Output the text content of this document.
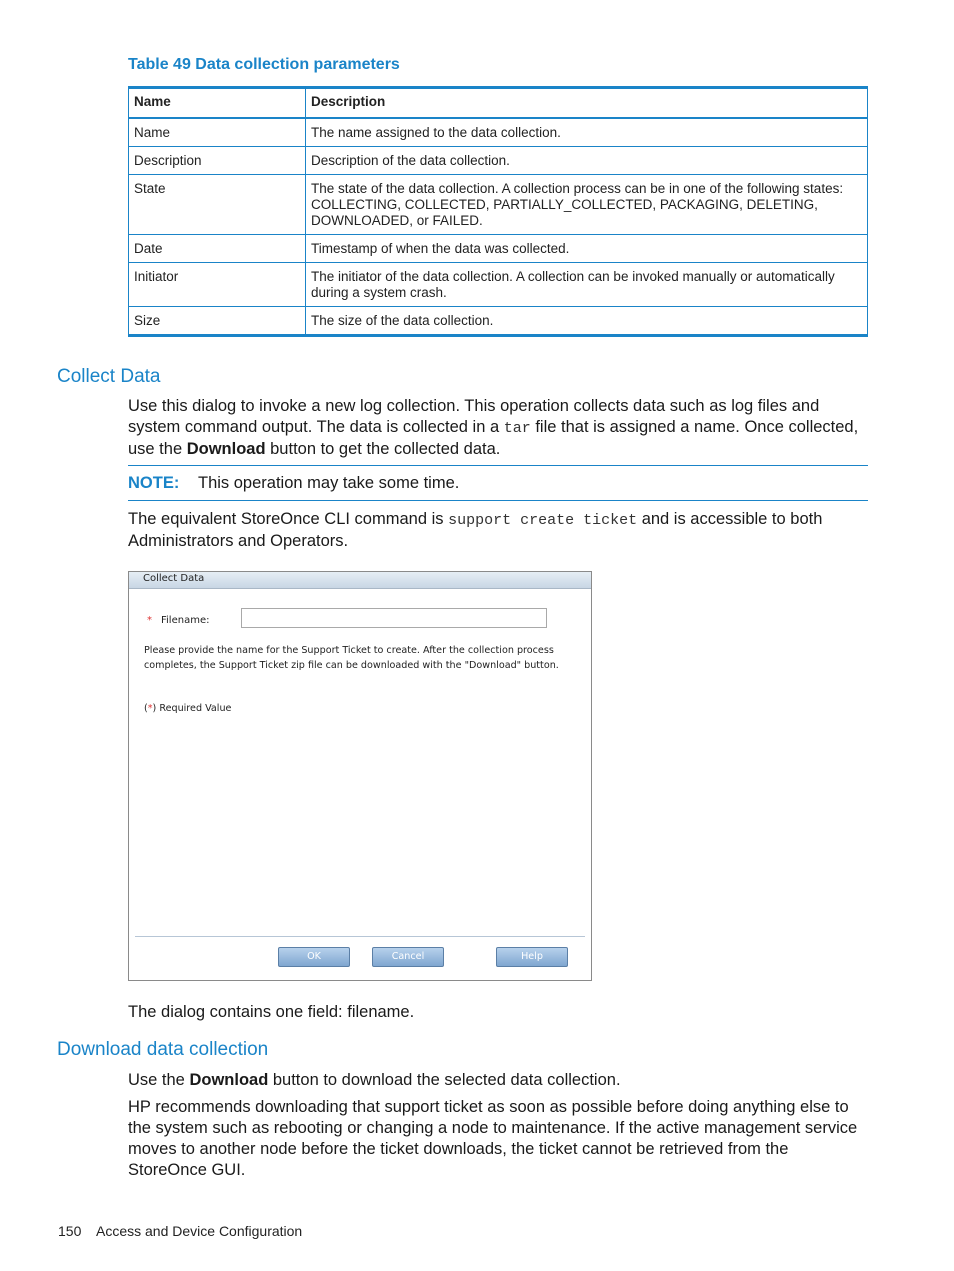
Table 49 Data collection parameters
Name	Description
Name	The name assigned to the data collection.
Description	Description of the data collection.
State	The state of the data collection. A collection process can be in one of the following states: COLLECTING, COLLECTED, PARTIALLY_COLLECTED, PACKAGING, DELETING, DOWNLOADED, or FAILED.
Date	Timestamp of when the data was collected.
Initiator	The initiator of the data collection. A collection can be invoked manually or automatically during a system crash.
Size	The size of the data collection.
Collect Data
Use this dialog to invoke a new log collection. This operation collects data such as log files and system command output. The data is collected in a tar file that is assigned a name. Once collected, use the Download button to get the collected data.
NOTE: This operation may take some time.
The equivalent StoreOnce CLI command is support create ticket and is accessible to both Administrators and Operators.
Collect Data
* Filename:
Please provide the name for the Support Ticket to create. After the collection process completes, the Support Ticket zip file can be downloaded with the "Download" button.
(*) Required Value
OK	Cancel	Help
The dialog contains one field: filename.
Download data collection
Use the Download button to download the selected data collection.
HP recommends downloading that support ticket as soon as possible before doing anything else to the system such as rebooting or changing a node to maintenance. If the active management service moves to another node before the ticket downloads, the ticket cannot be retrieved from the StoreOnce GUI.
150 Access and Device Configuration
